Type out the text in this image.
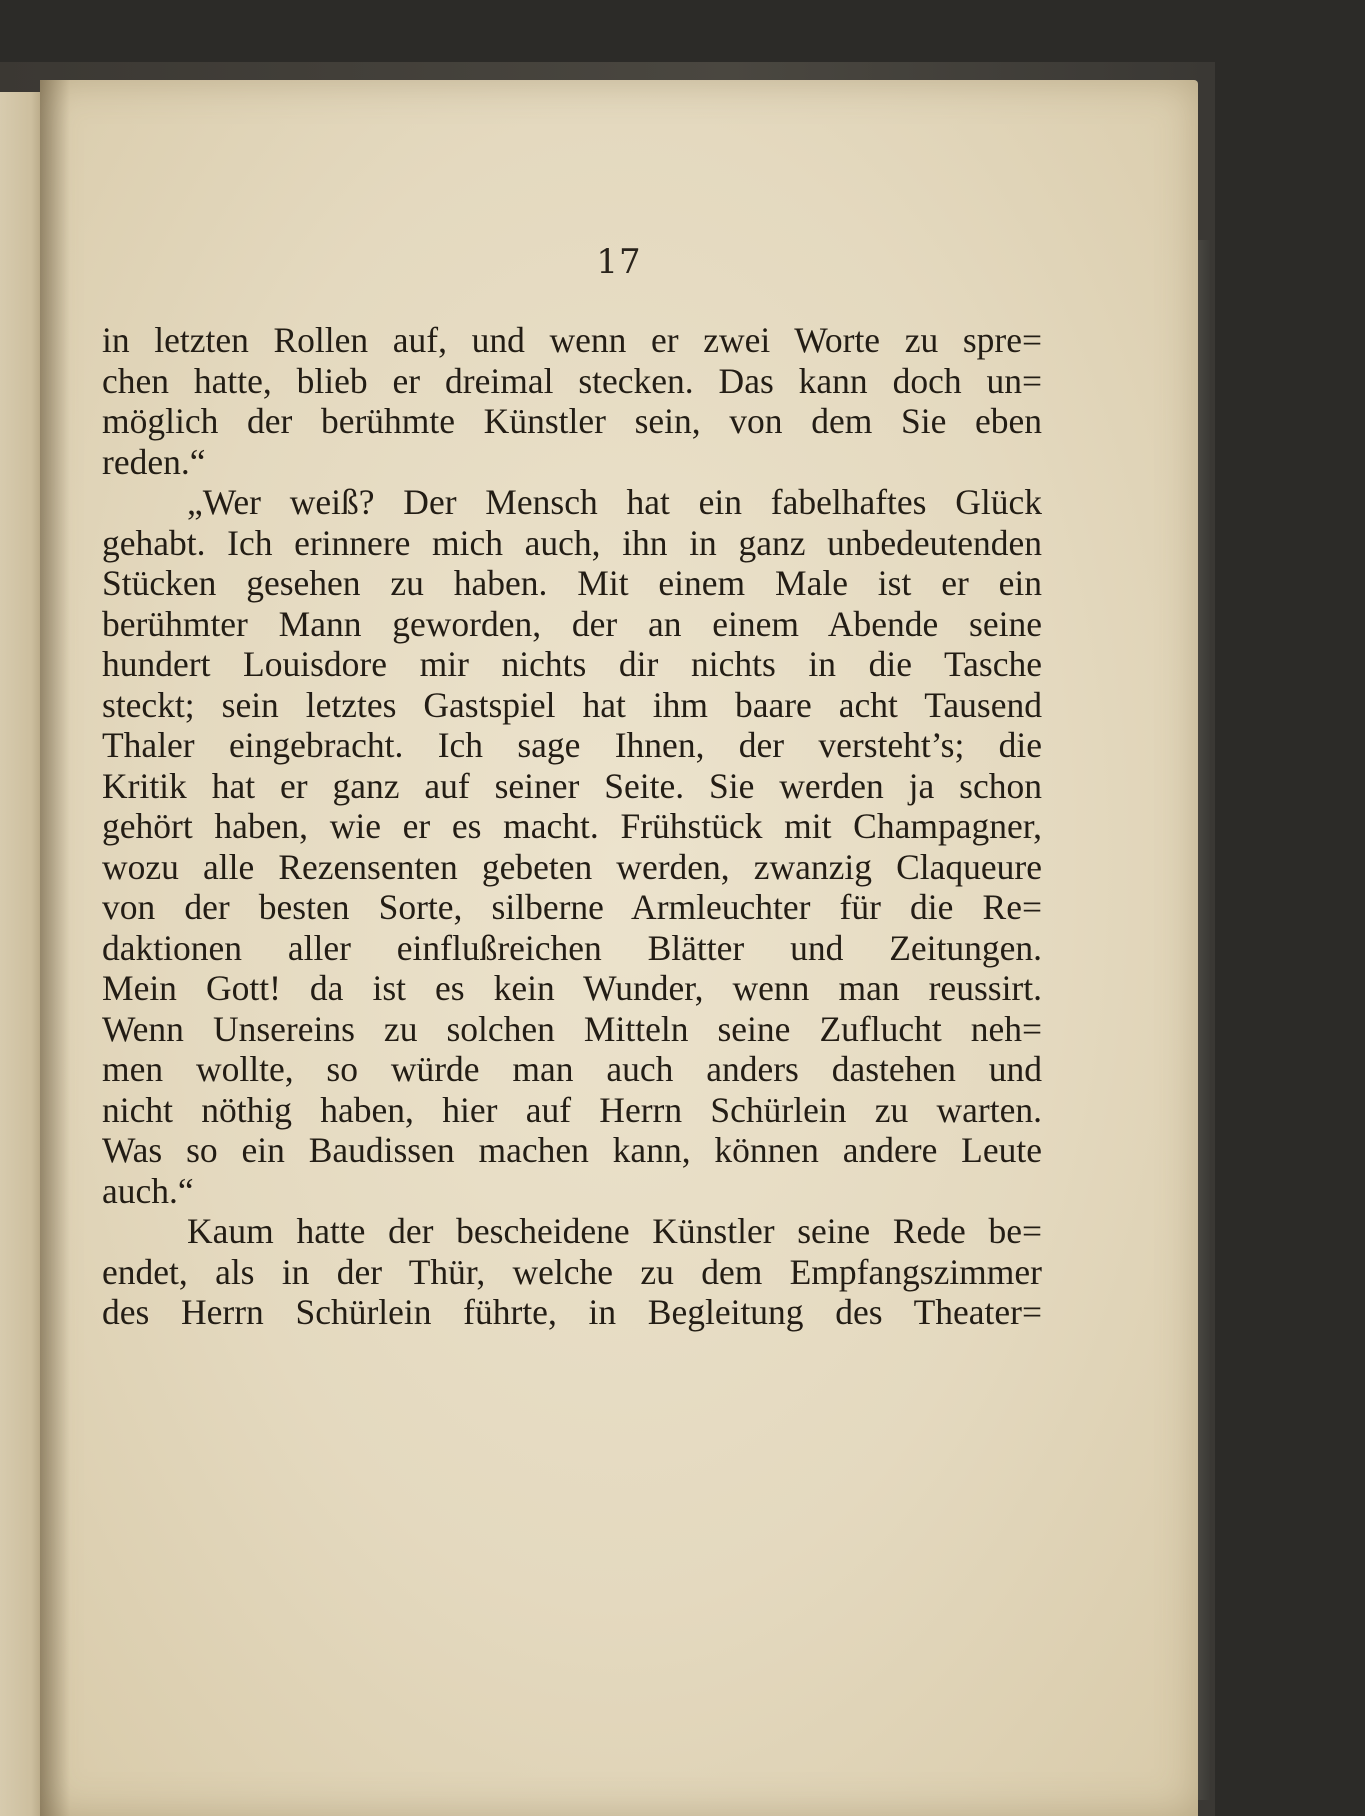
17

in letzten Rollen auf, und wenn er zwei Worte zu spre=
chen hatte, blieb er dreimal stecken. Das kann doch un=
möglich der berühmte Künstler sein, von dem Sie eben
reden.“

„Wer weiß? Der Mensch hat ein fabelhaftes Glück
gehabt. Ich erinnere mich auch, ihn in ganz unbedeutenden
Stücken gesehen zu haben. Mit einem Male ist er ein
berühmter Mann geworden, der an einem Abende seine
hundert Louisdore mir nichts dir nichts in die Tasche
steckt; sein letztes Gastspiel hat ihm baare acht Tausend
Thaler eingebracht. Ich sage Ihnen, der versteht’s; die
Kritik hat er ganz auf seiner Seite. Sie werden ja schon
gehört haben, wie er es macht. Frühstück mit Champagner,
wozu alle Rezensenten gebeten werden, zwanzig Claqueure
von der besten Sorte, silberne Armleuchter für die Re=
daktionen aller einflußreichen Blätter und Zeitungen.
Mein Gott! da ist es kein Wunder, wenn man reussirt.
Wenn Unsereins zu solchen Mitteln seine Zuflucht neh=
men wollte, so würde man auch anders dastehen und
nicht nöthig haben, hier auf Herrn Schürlein zu warten.
Was so ein Baudissen machen kann, können andere Leute
auch.“

Kaum hatte der bescheidene Künstler seine Rede be=
endet, als in der Thür, welche zu dem Empfangszimmer
des Herrn Schürlein führte, in Begleitung des Theater=
